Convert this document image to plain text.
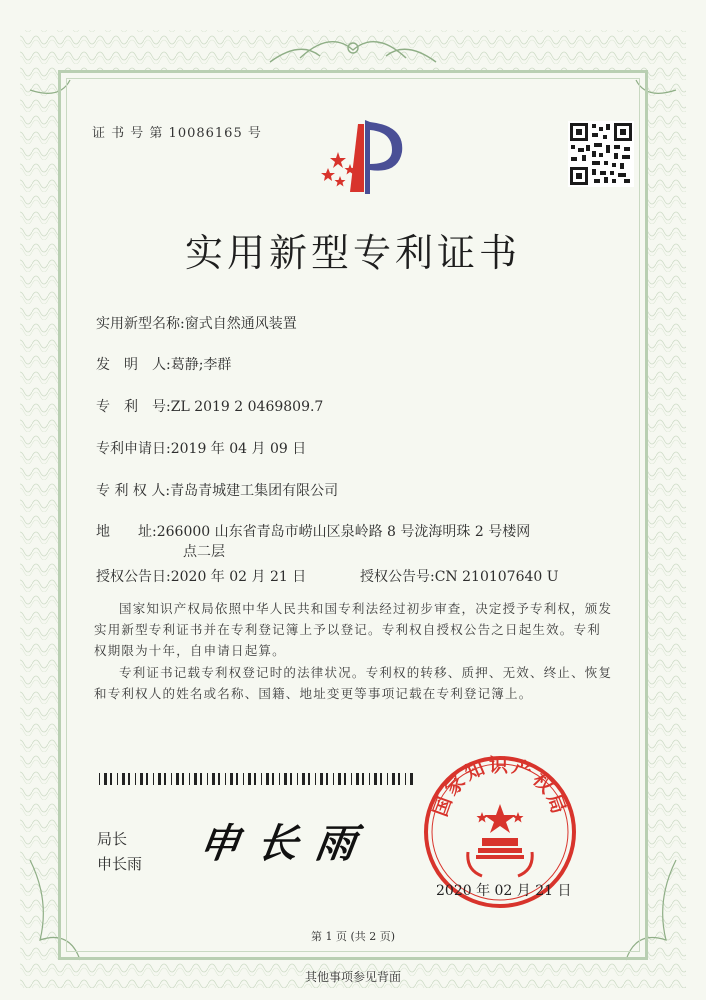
证 书 号 第 10086165 号
实用新型专利证书
实用新型名称:窗式自然通风装置
发　明　人:葛静;李群
专　利　号:ZL 2019 2 0469809.7
专利申请日:2019 年 04 月 09 日
专 利 权 人:青岛青城建工集团有限公司
地　　址:266000 山东省青岛市崂山区泉岭路 8 号泷海明珠 2 号楼网
点二层
授权公告日:2020 年 02 月 21 日	授权公告号:CN 210107640 U
国家知识产权局依照中华人民共和国专利法经过初步审查，决定授予专利权，颁发实用新型专利证书并在专利登记簿上予以登记。专利权自授权公告之日起生效。专利权期限为十年，自申请日起算。
专利证书记载专利权登记时的法律状况。专利权的转移、质押、无效、终止、恢复和专利权人的姓名或名称、国籍、地址变更等事项记载在专利登记簿上。
局长
申长雨 申长雨
国家知识产权局
2020 年 02 月 21 日
第 1 页 (共 2 页)
其他事项参见背面
